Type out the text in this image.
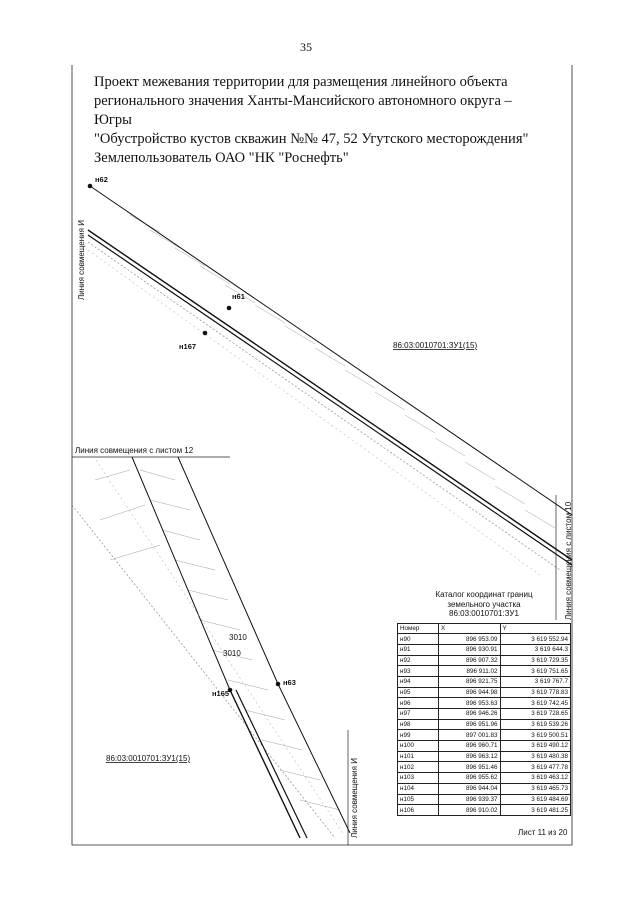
35
Проект межевания территории для размещения линейного объекта
регионального значения Ханты-Мансийского автономного округа –
Югры
"Обустройство кустов скважин №№ 47, 52 Угутского месторождения"
Землепользователь ОАО "НК "Роснефть"
н62
н61
н167
н165
н63
86:03:0010701:ЗУ1(15)
86:03:0010701:ЗУ1(15)
3010
3010
Линия совмещения с листом 12
Линия совмещения И
Линия совмещения И
Линия совмещения с листом 10
Каталог координат границ
земельного участка
86:03:0010701:ЗУ1
Номер	X	Y
н90	896 953.09	3 619 552.94
н91	896 930.91	3 619 644.3
н92	896 907.32	3 619 729.35
н93	896 911.02	3 619 751.65
н94	896 921.75	3 619 767.7
н95	896 944.98	3 619 778.83
н96	896 953.63	3 619 742.45
н97	896 946.26	3 619 728.65
н98	896 951.96	3 619 539.26
н99	897 001.83	3 619 500.51
н100	896 960.71	3 619 490.12
н101	896 963.12	3 619 480.38
н102	896 951.46	3 619 477.78
н103	896 955.62	3 619 463.12
н104	896 944.04	3 619 465.73
н105	896 939.37	3 619 484.69
н106	896 910.02	3 619 481.25
Лист 11 из 20
